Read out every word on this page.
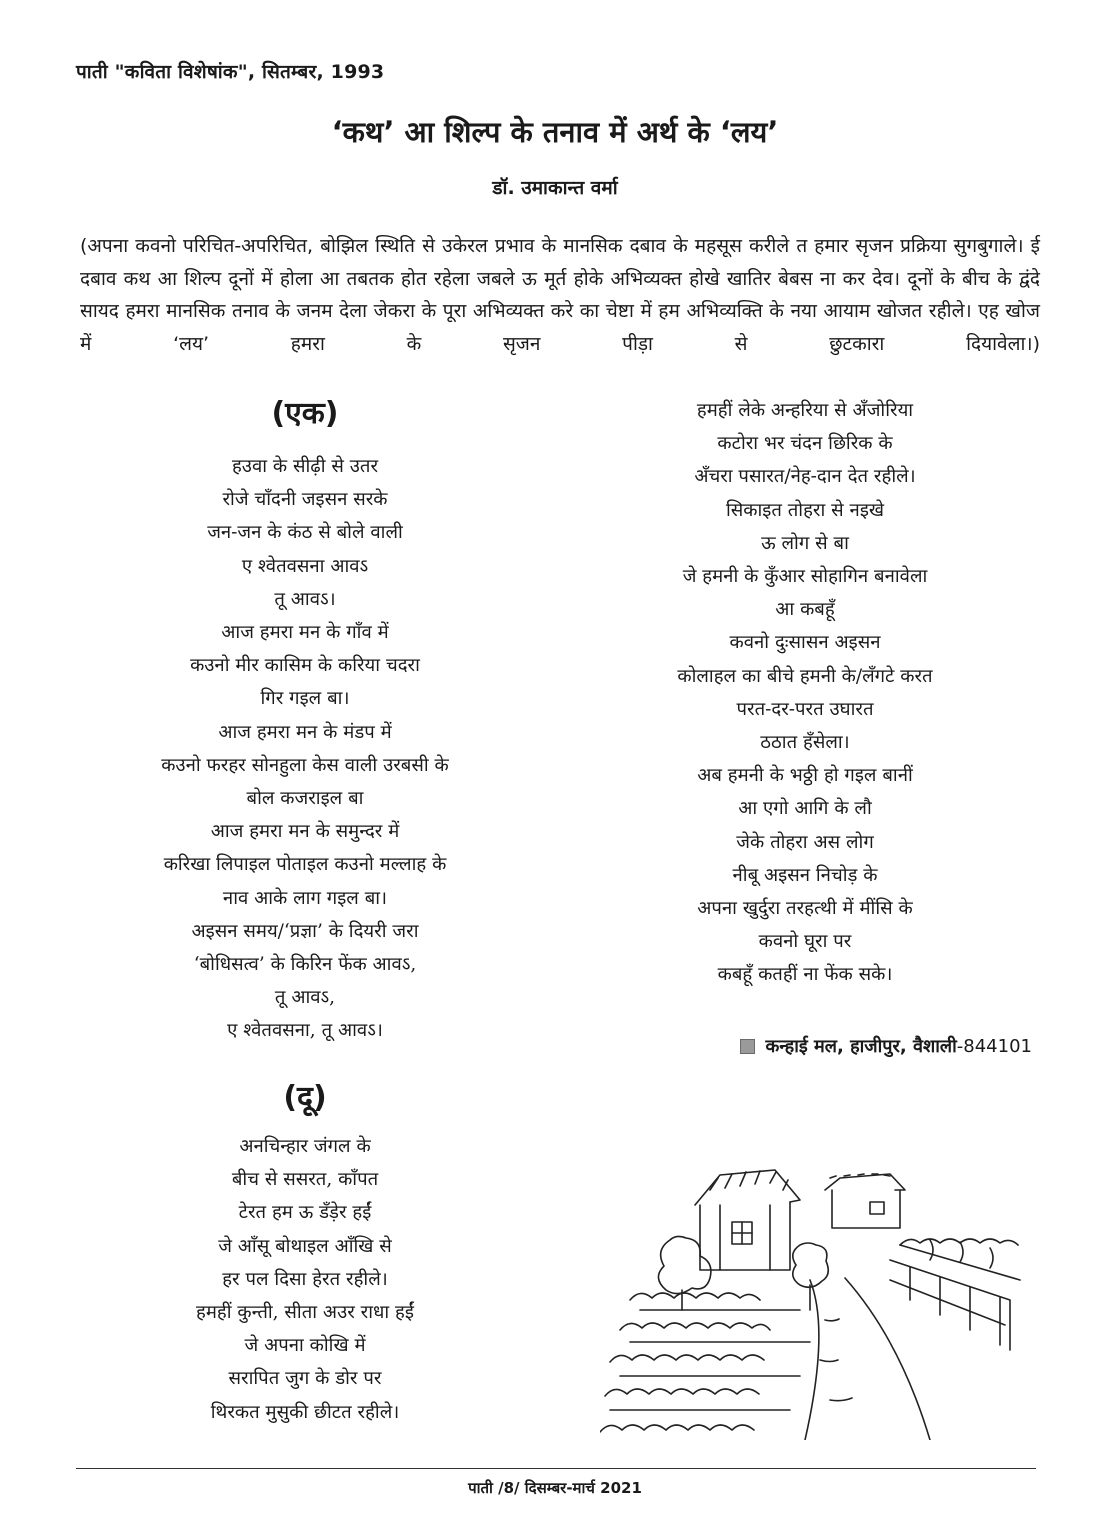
पाती "कविता विशेषांक", सितम्बर, 1993
‘कथ’ आ शिल्प के तनाव में अर्थ के ‘लय’
डॉ. उमाकान्त वर्मा

(अपना कवनो परिचित-अपरिचित, बोझिल स्थिति से उकेरल प्रभाव के मानसिक दबाव के महसूस करीले त हमार सृजन प्रक्रिया सुगबुगाले। ई दबाव कथ आ शिल्प दूनों में होला आ तबतक होत रहेला जबले ऊ मूर्त होके अभिव्यक्त होखे खातिर बेबस ना कर देव। दूनों के बीच के द्वंदे सायद हमरा मानसिक तनाव के जनम देला जेकरा के पूरा अभिव्यक्त करे का चेष्टा में हम अभिव्यक्ति के नया आयाम खोजत रहीले। एह खोज में ‘लय’ हमरा के सृजन पीड़ा से छुटकारा दियावेला।)

(एक)
हउवा के सीढ़ी से उतर
रोजे चाँदनी जइसन सरके
जन-जन के कंठ से बोले वाली
ए श्वेतवसना आवऽ
तू आवऽ।
आज हमरा मन के गाँव में
कउनो मीर कासिम के करिया चदरा
गिर गइल बा।
आज हमरा मन के मंडप में
कउनो फरहर सोनहुला केस वाली उरबसी के
बोल कजराइल बा
आज हमरा मन के समुन्दर में
करिखा लिपाइल पोताइल कउनो मल्लाह के
नाव आके लाग गइल बा।
अइसन समय/‘प्रज्ञा’ के दियरी जरा
‘बोधिसत्व’ के किरिन फेंक आवऽ,
तू आवऽ,
ए श्वेतवसना, तू आवऽ।
(दू)
अनचिन्हार जंगल के
बीच से ससरत, काँपत
टेरत हम ऊ डँड़ेर हईं
जे आँसू बोथाइल आँखि से
हर पल दिसा हेरत रहीले।
हमहीं कुन्ती, सीता अउर राधा हईं
जे अपना कोखि में
सरापित जुग के डोर पर
थिरकत मुसुकी छीटत रहीले।
हमहीं लेके अन्हरिया से अँजोरिया
कटोरा भर चंदन छिरिक के
अँचरा पसारत/नेह-दान देत रहीले।
सिकाइत तोहरा से नइखे
ऊ लोग से बा
जे हमनी के कुँआर सोहागिन बनावेला
आ कबहूँ
कवनो दुःसासन अइसन
कोलाहल का बीचे हमनी के/लँगटे करत
परत-दर-परत उघारत
ठठात हँसेला।
अब हमनी के भठ्ठी हो गइल बानीं
आ एगो आगि के लौ
जेके तोहरा अस लोग
नीबू अइसन निचोड़ के
अपना खुर्दुरा तरहत्थी में मींसि के
कवनो घूरा पर
कबहूँ कतहीं ना फेंक सके।
कन्हाई मल, हाजीपुर, वैशाली-844101
पाती /8/ दिसम्बर-मार्च 2021
